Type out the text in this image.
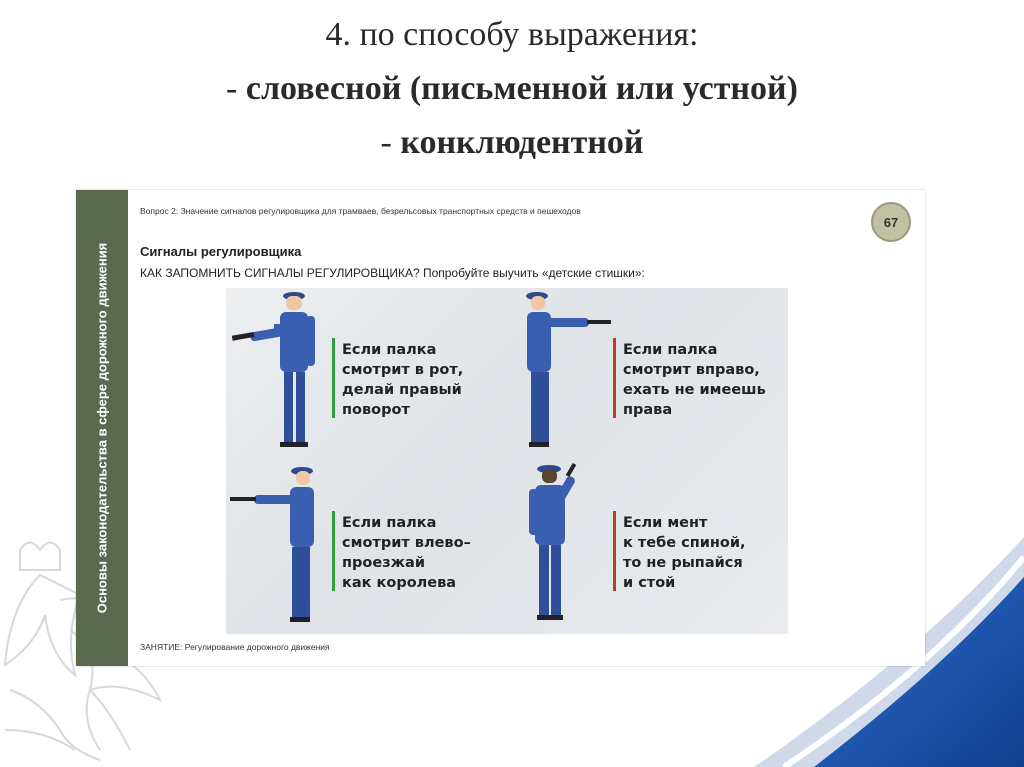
4. по способу выражения:
- словесной (письменной или устной)
- конклюдентной
Основы законодательства в сфере дорожного движения
Вопрос 2: Значение сигналов регулировщика для трамваев, безрельсовых транспортных средств и пешеходов
67
Сигналы регулировщика
КАК ЗАПОМНИТЬ СИГНАЛЫ РЕГУЛИРОВЩИКА? Попробуйте выучить «детские стишки»:
Если палка
смотрит в рот,
делай правый
поворот
Если палка
смотрит вправо,
ехать не имеешь
права
Если палка
смотрит влево–
проезжай
как королева
Если мент
к тебе спиной,
то не рыпайся
и стой
ЗАНЯТИЕ: Регулирование дорожного движения
